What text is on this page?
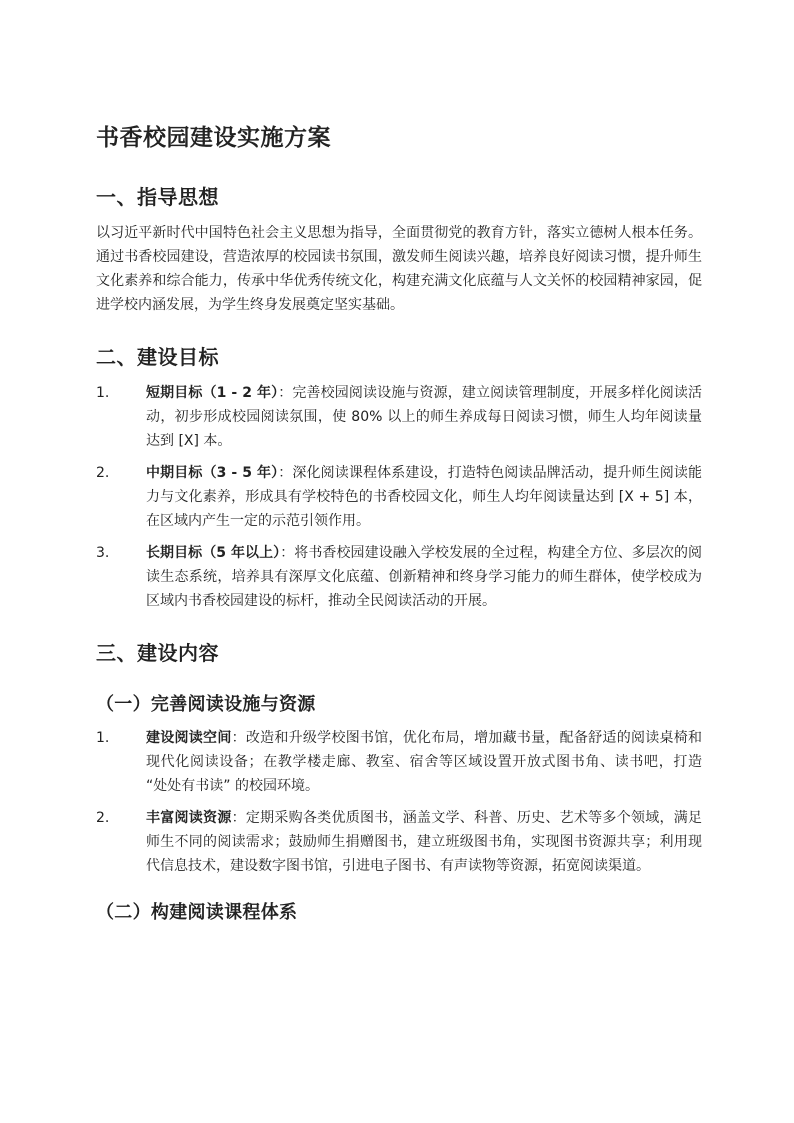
书香校园建设实施方案
一、指导思想

以习近平新时代中国特色社会主义思想为指导，全面贯彻党的教育方针，落实立德树人根本任务。通过书香校园建设，营造浓厚的校园读书氛围，激发师生阅读兴趣，培养良好阅读习惯，提升师生文化素养和综合能力，传承中华优秀传统文化，构建充满文化底蕴与人文关怀的校园精神家园，促进学校内涵发展，为学生终身发展奠定坚实基础。

二、建设目标
1.	短期目标（1 - 2 年）：完善校园阅读设施与资源，建立阅读管理制度，开展多样化阅读活动，初步形成校园阅读氛围，使 80% 以上的师生养成每日阅读习惯，师生人均年阅读量达到 [X] 本。
2.	中期目标（3 - 5 年）：深化阅读课程体系建设，打造特色阅读品牌活动，提升师生阅读能力与文化素养，形成具有学校特色的书香校园文化，师生人均年阅读量达到 [X + 5] 本，在区域内产生一定的示范引领作用。
3.	长期目标（5 年以上）：将书香校园建设融入学校发展的全过程，构建全方位、多层次的阅读生态系统，培养具有深厚文化底蕴、创新精神和终身学习能力的师生群体，使学校成为区域内书香校园建设的标杆，推动全民阅读活动的开展。
三、建设内容
（一）完善阅读设施与资源
1.	建设阅读空间：改造和升级学校图书馆，优化布局，增加藏书量，配备舒适的阅读桌椅和现代化阅读设备；在教学楼走廊、教室、宿舍等区域设置开放式图书角、读书吧，打造 “处处有书读” 的校园环境。
2.	丰富阅读资源：定期采购各类优质图书，涵盖文学、科普、历史、艺术等多个领域，满足师生不同的阅读需求；鼓励师生捐赠图书，建立班级图书角，实现图书资源共享；利用现代信息技术，建设数字图书馆，引进电子图书、有声读物等资源，拓宽阅读渠道。
（二）构建阅读课程体系
